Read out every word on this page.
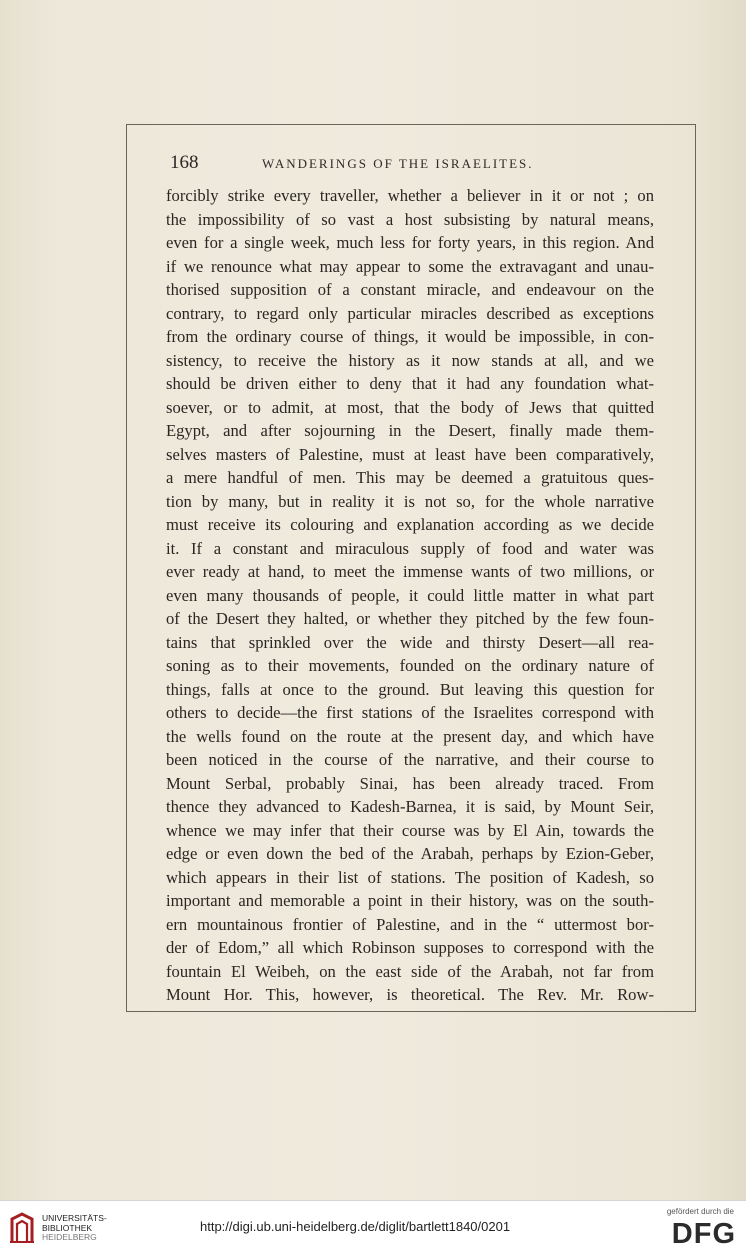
168	WANDERINGS OF THE ISRAELITES.
forcibly strike every traveller, whether a believer in it or not ; on
the impossibility of so vast a host subsisting by natural means,
even for a single week, much less for forty years, in this region. And
if we renounce what may appear to some the extravagant and unau-
thorised supposition of a constant miracle, and endeavour on the
contrary, to regard only particular miracles described as exceptions
from the ordinary course of things, it would be impossible, in con-
sistency, to receive the history as it now stands at all, and we
should be driven either to deny that it had any foundation what-
soever, or to admit, at most, that the body of Jews that quitted
Egypt, and after sojourning in the Desert, finally made them-
selves masters of Palestine, must at least have been comparatively,
a mere handful of men. This may be deemed a gratuitous ques-
tion by many, but in reality it is not so, for the whole narrative
must receive its colouring and explanation according as we decide
it. If a constant and miraculous supply of food and water was
ever ready at hand, to meet the immense wants of two millions, or
even many thousands of people, it could little matter in what part
of the Desert they halted, or whether they pitched by the few foun-
tains that sprinkled over the wide and thirsty Desert—all rea-
soning as to their movements, founded on the ordinary nature of
things, falls at once to the ground. But leaving this question for
others to decide—the first stations of the Israelites correspond with
the wells found on the route at the present day, and which have
been noticed in the course of the narrative, and their course to
Mount Serbal, probably Sinai, has been already traced. From
thence they advanced to Kadesh-Barnea, it is said, by Mount Seir,
whence we may infer that their course was by El Ain, towards the
edge or even down the bed of the Arabah, perhaps by Ezion-Geber,
which appears in their list of stations. The position of Kadesh, so
important and memorable a point in their history, was on the south-
ern mountainous frontier of Palestine, and in the “ uttermost bor-
der of Edom,” all which Robinson supposes to correspond with the
fountain El Weibeh, on the east side of the Arabah, not far from
Mount Hor. This, however, is theoretical. The Rev. Mr. Row-
UNIVERSITÄTS-
BIBLIOTHEK
HEIDELBERG
http://digi.ub.uni-heidelberg.de/diglit/bartlett1840/0201
gefördert durch die
DFG
